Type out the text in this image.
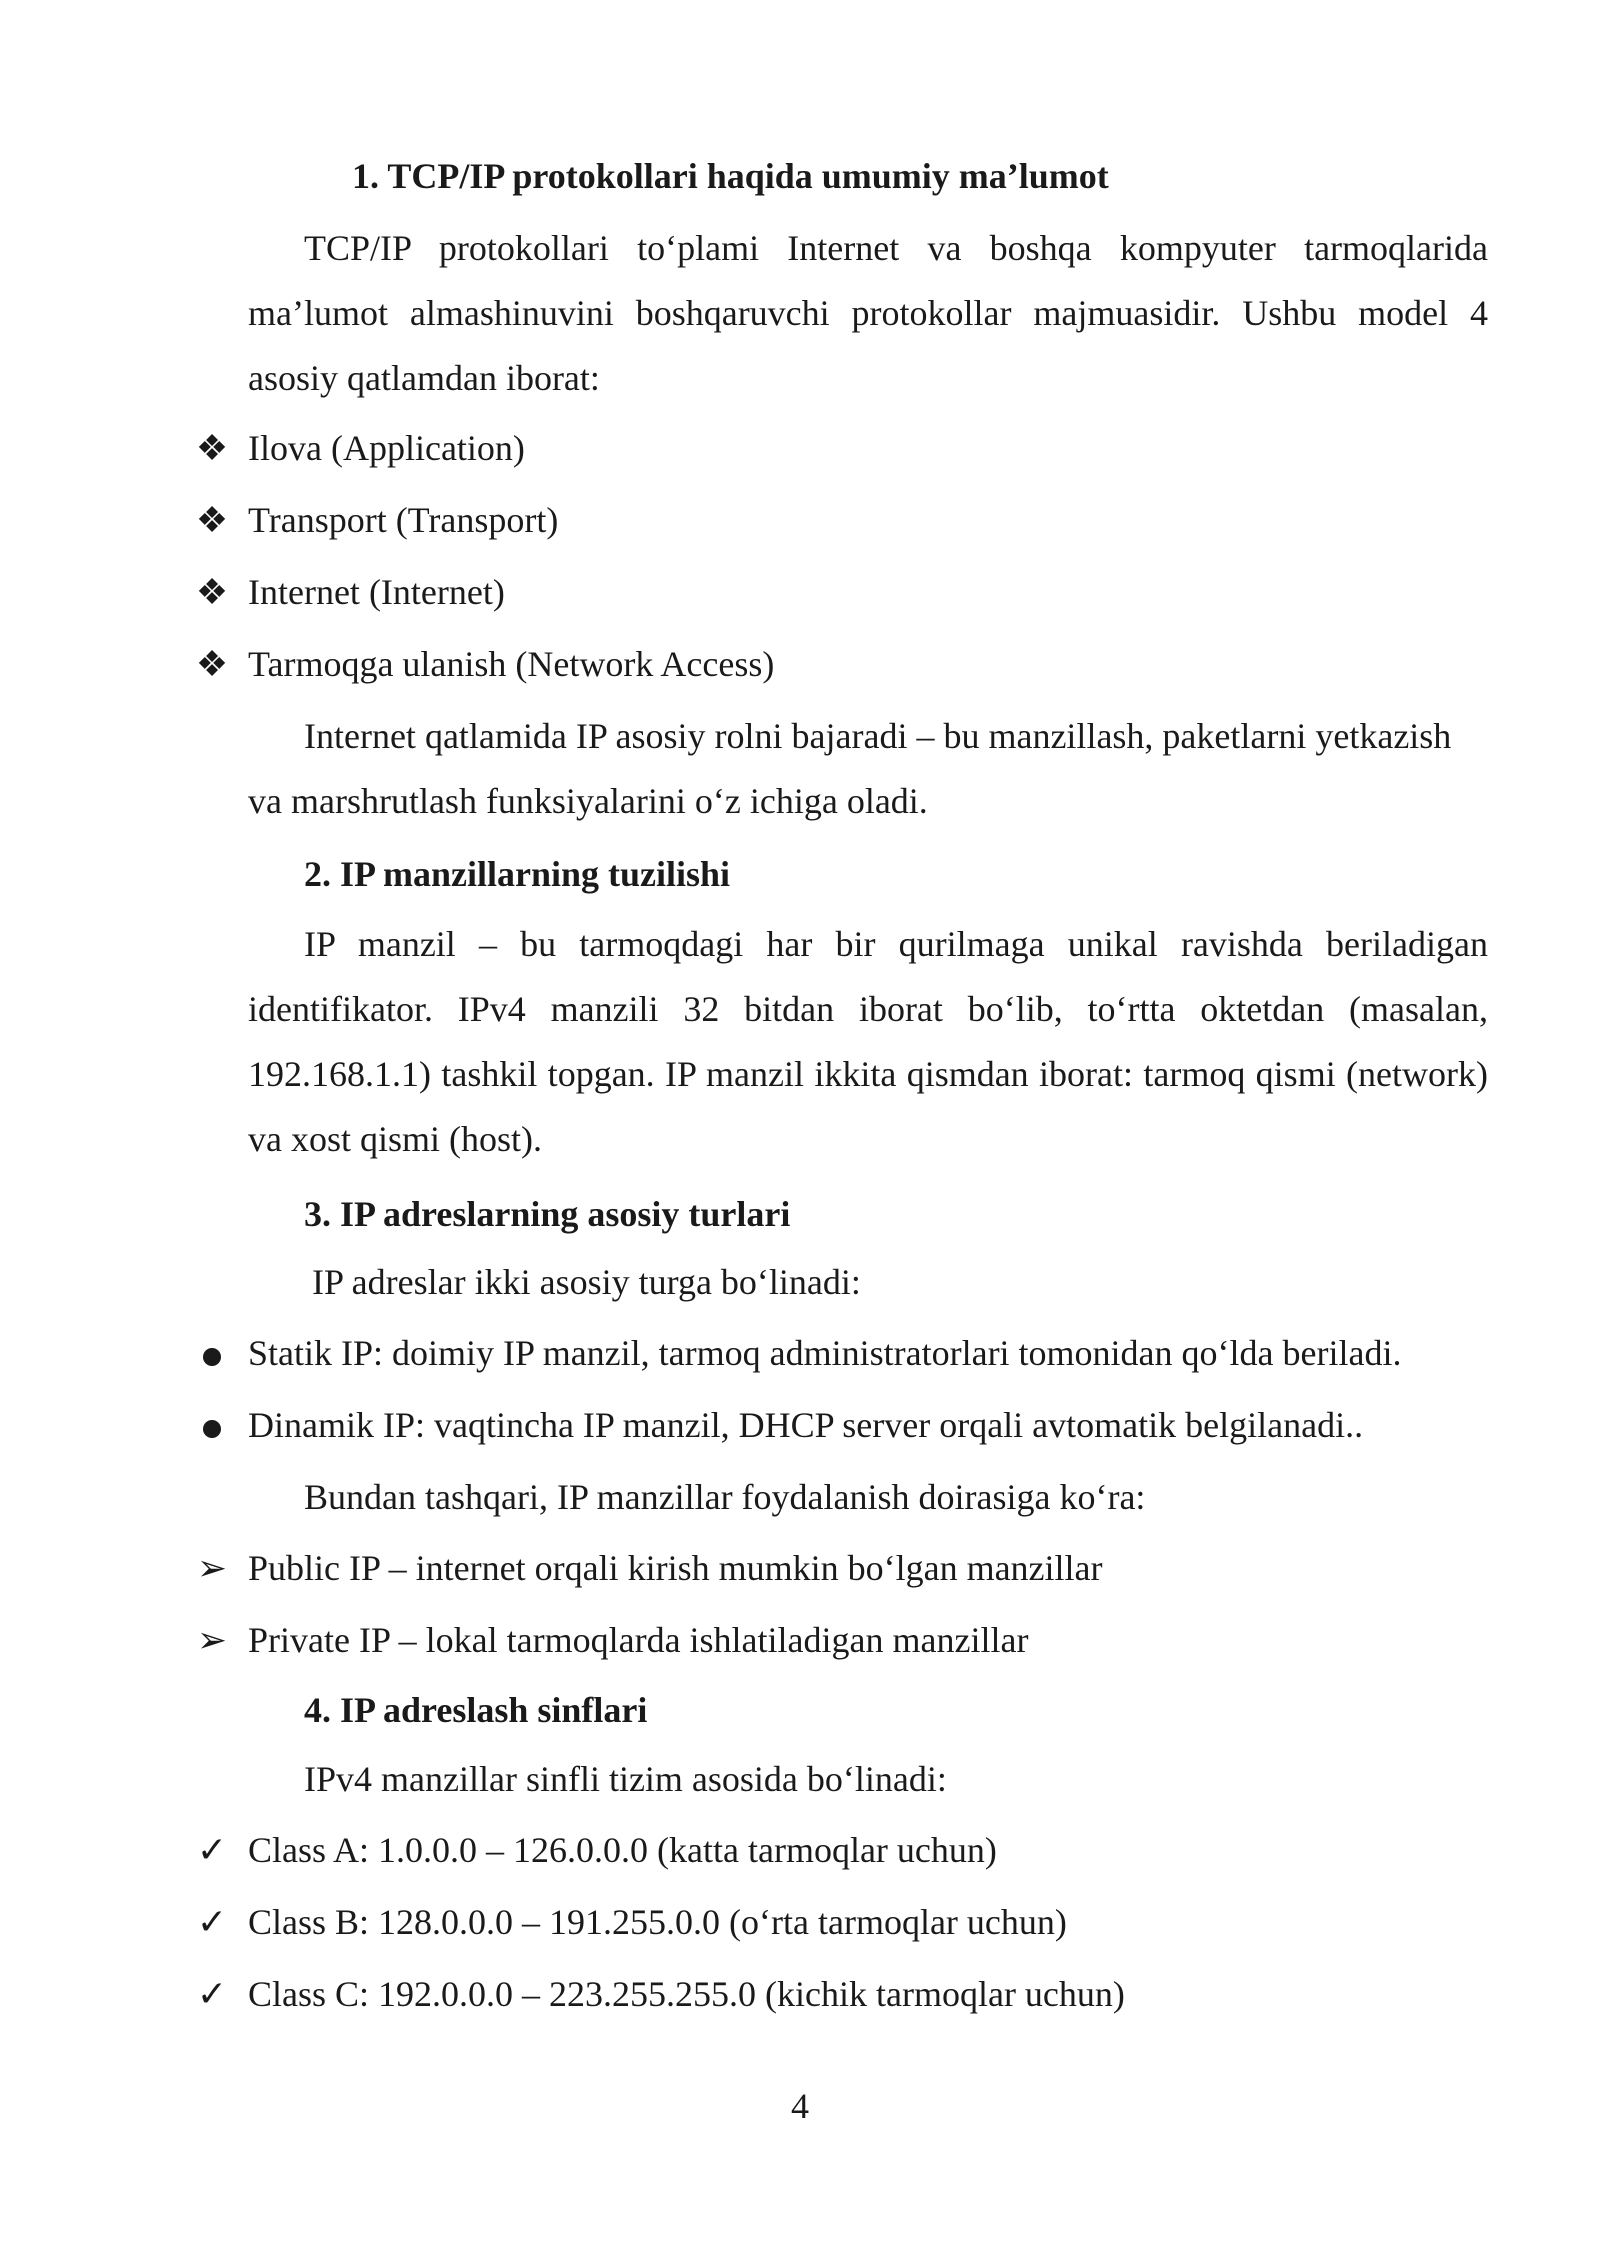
1. TCP/IP protokollari haqida umumiy ma’lumot
TCP/IP protokollari to‘plami Internet va boshqa kompyuter tarmoqlarida ma’lumot almashinuvini boshqaruvchi protokollar majmuasidir. Ushbu model 4 asosiy qatlamdan iborat:
❖ Ilova (Application)
❖ Transport (Transport)
❖ Internet (Internet)
❖ Tarmoqga ulanish (Network Access)
Internet qatlamida IP asosiy rolni bajaradi – bu manzillash, paketlarni yetkazish va marshrutlash funksiyalarini o‘z ichiga oladi.
2. IP manzillarning tuzilishi
IP manzil – bu tarmoqdagi har bir qurilmaga unikal ravishda beriladigan identifikator. IPv4 manzili 32 bitdan iborat bo‘lib, to‘rtta oktetdan (masalan, 192.168.1.1) tashkil topgan. IP manzil ikkita qismdan iborat: tarmoq qismi (network) va xost qismi (host).
3. IP adreslarning asosiy turlari
IP adreslar ikki asosiy turga bo‘linadi:
Statik IP: doimiy IP manzil, tarmoq administratorlari tomonidan qo‘lda beriladi.
Dinamik IP: vaqtincha IP manzil, DHCP server orqali avtomatik belgilanadi..
Bundan tashqari, IP manzillar foydalanish doirasiga ko‘ra:
➢ Public IP – internet orqali kirish mumkin bo‘lgan manzillar
➢ Private IP – lokal tarmoqlarda ishlatiladigan manzillar
4. IP adreslash sinflari
IPv4 manzillar sinfli tizim asosida bo‘linadi:
✓ Class A: 1.0.0.0 – 126.0.0.0 (katta tarmoqlar uchun)
✓ Class B: 128.0.0.0 – 191.255.0.0 (o‘rta tarmoqlar uchun)
✓ Class C: 192.0.0.0 – 223.255.255.0 (kichik tarmoqlar uchun)
4
